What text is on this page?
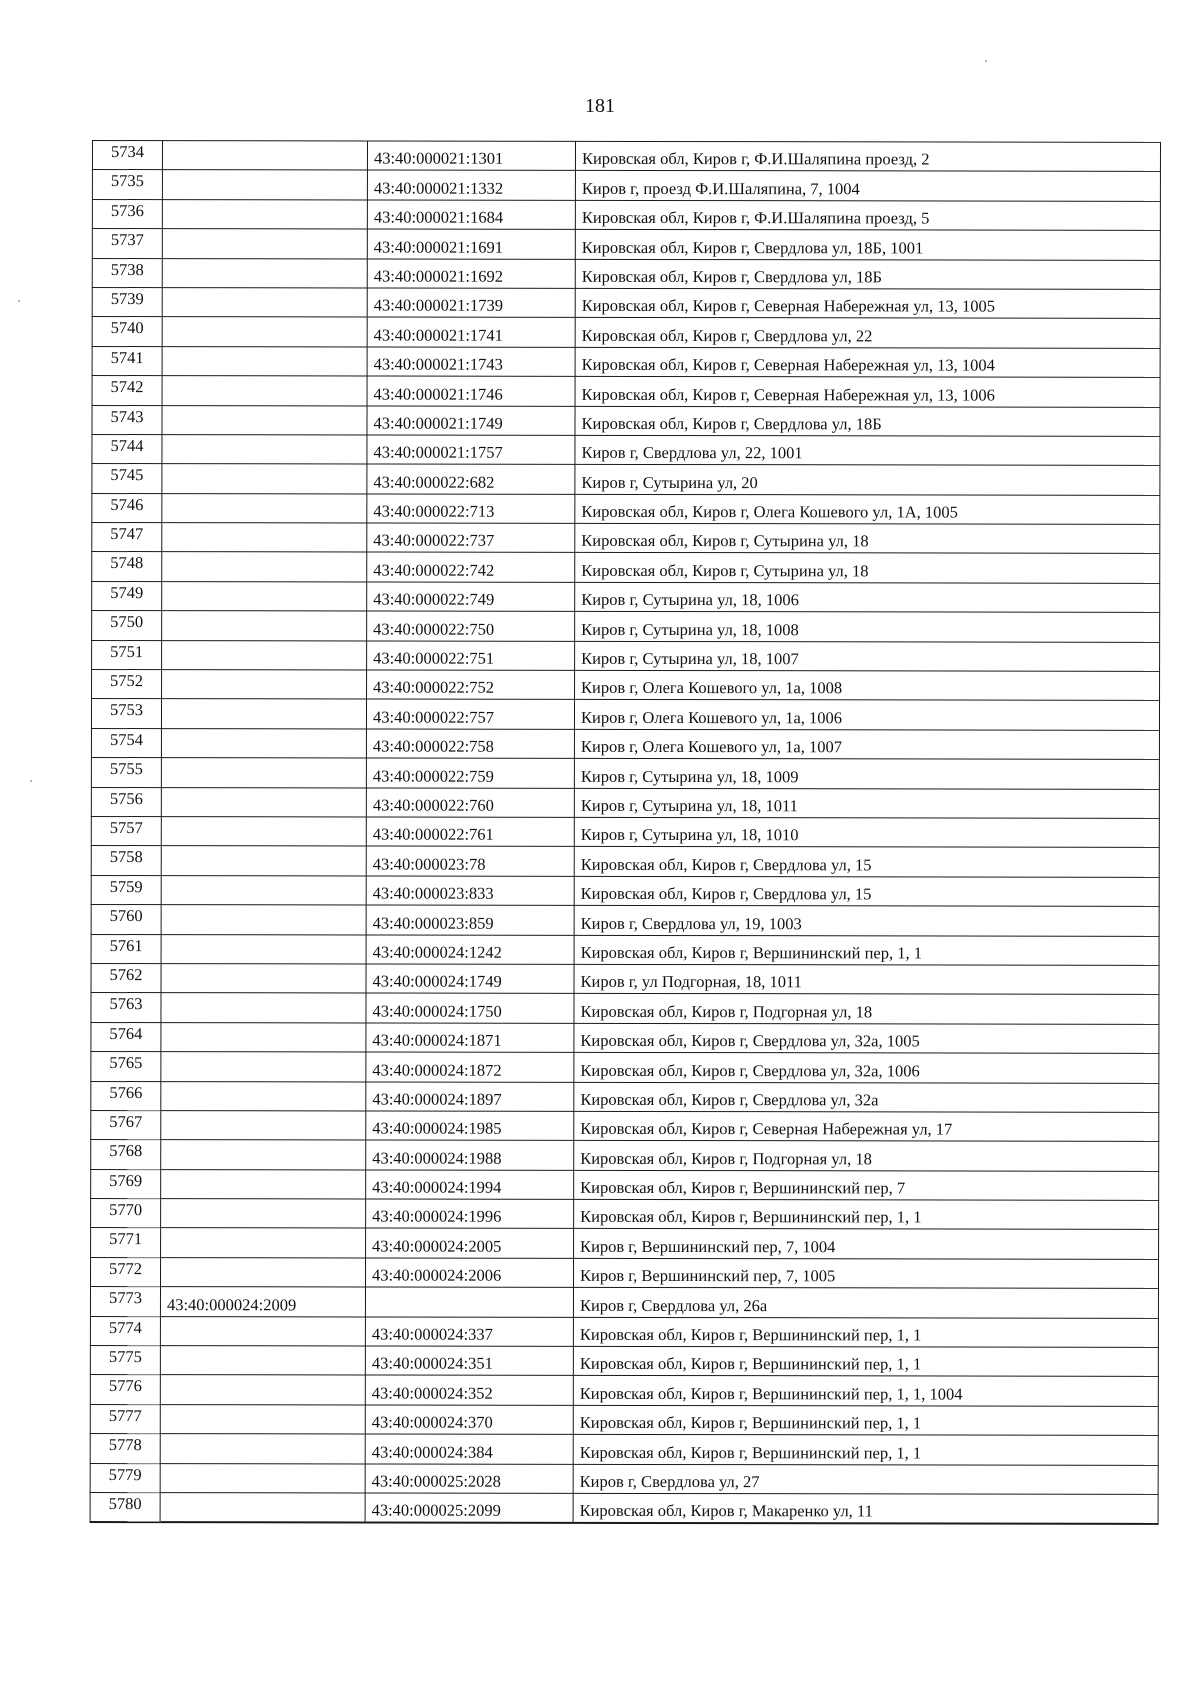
181
5734		43:40:000021:1301	Кировская обл, Киров г, Ф.И.Шаляпина проезд, 2
5735		43:40:000021:1332	Киров г, проезд Ф.И.Шаляпина, 7, 1004
5736		43:40:000021:1684	Кировская обл, Киров г, Ф.И.Шаляпина проезд, 5
5737		43:40:000021:1691	Кировская обл, Киров г, Свердлова ул, 18Б, 1001
5738		43:40:000021:1692	Кировская обл, Киров г, Свердлова ул, 18Б
5739		43:40:000021:1739	Кировская обл, Киров г, Северная Набережная ул, 13, 1005
5740		43:40:000021:1741	Кировская обл, Киров г, Свердлова ул, 22
5741		43:40:000021:1743	Кировская обл, Киров г, Северная Набережная ул, 13, 1004
5742		43:40:000021:1746	Кировская обл, Киров г, Северная Набережная ул, 13, 1006
5743		43:40:000021:1749	Кировская обл, Киров г, Свердлова ул, 18Б
5744		43:40:000021:1757	Киров г, Свердлова ул, 22, 1001
5745		43:40:000022:682	Киров г, Сутырина ул, 20
5746		43:40:000022:713	Кировская обл, Киров г, Олега Кошевого ул, 1А, 1005
5747		43:40:000022:737	Кировская обл, Киров г, Сутырина ул, 18
5748		43:40:000022:742	Кировская обл, Киров г, Сутырина ул, 18
5749		43:40:000022:749	Киров г, Сутырина ул, 18, 1006
5750		43:40:000022:750	Киров г, Сутырина ул, 18, 1008
5751		43:40:000022:751	Киров г, Сутырина ул, 18, 1007
5752		43:40:000022:752	Киров г, Олега Кошевого ул, 1а, 1008
5753		43:40:000022:757	Киров г, Олега Кошевого ул, 1а, 1006
5754		43:40:000022:758	Киров г, Олега Кошевого ул, 1а, 1007
5755		43:40:000022:759	Киров г, Сутырина ул, 18, 1009
5756		43:40:000022:760	Киров г, Сутырина ул, 18, 1011
5757		43:40:000022:761	Киров г, Сутырина ул, 18, 1010
5758		43:40:000023:78	Кировская обл, Киров г, Свердлова ул, 15
5759		43:40:000023:833	Кировская обл, Киров г, Свердлова ул, 15
5760		43:40:000023:859	Киров г, Свердлова ул, 19, 1003
5761		43:40:000024:1242	Кировская обл, Киров г, Вершининский пер, 1, 1
5762		43:40:000024:1749	Киров г, ул Подгорная, 18, 1011
5763		43:40:000024:1750	Кировская обл, Киров г, Подгорная ул, 18
5764		43:40:000024:1871	Кировская обл, Киров г, Свердлова ул, 32а, 1005
5765		43:40:000024:1872	Кировская обл, Киров г, Свердлова ул, 32а, 1006
5766		43:40:000024:1897	Кировская обл, Киров г, Свердлова ул, 32а
5767		43:40:000024:1985	Кировская обл, Киров г, Северная Набережная ул, 17
5768		43:40:000024:1988	Кировская обл, Киров г, Подгорная ул, 18
5769		43:40:000024:1994	Кировская обл, Киров г, Вершининский пер, 7
5770		43:40:000024:1996	Кировская обл, Киров г, Вершининский пер, 1, 1
5771		43:40:000024:2005	Киров г, Вершининский пер, 7, 1004
5772		43:40:000024:2006	Киров г, Вершининский пер, 7, 1005
5773	43:40:000024:2009		Киров г, Свердлова ул, 26а
5774		43:40:000024:337	Кировская обл, Киров г, Вершининский пер, 1, 1
5775		43:40:000024:351	Кировская обл, Киров г, Вершининский пер, 1, 1
5776		43:40:000024:352	Кировская обл, Киров г, Вершининский пер, 1, 1, 1004
5777		43:40:000024:370	Кировская обл, Киров г, Вершининский пер, 1, 1
5778		43:40:000024:384	Кировская обл, Киров г, Вершининский пер, 1, 1
5779		43:40:000025:2028	Киров г, Свердлова ул, 27
5780		43:40:000025:2099	Кировская обл, Киров г, Макаренко ул, 11
